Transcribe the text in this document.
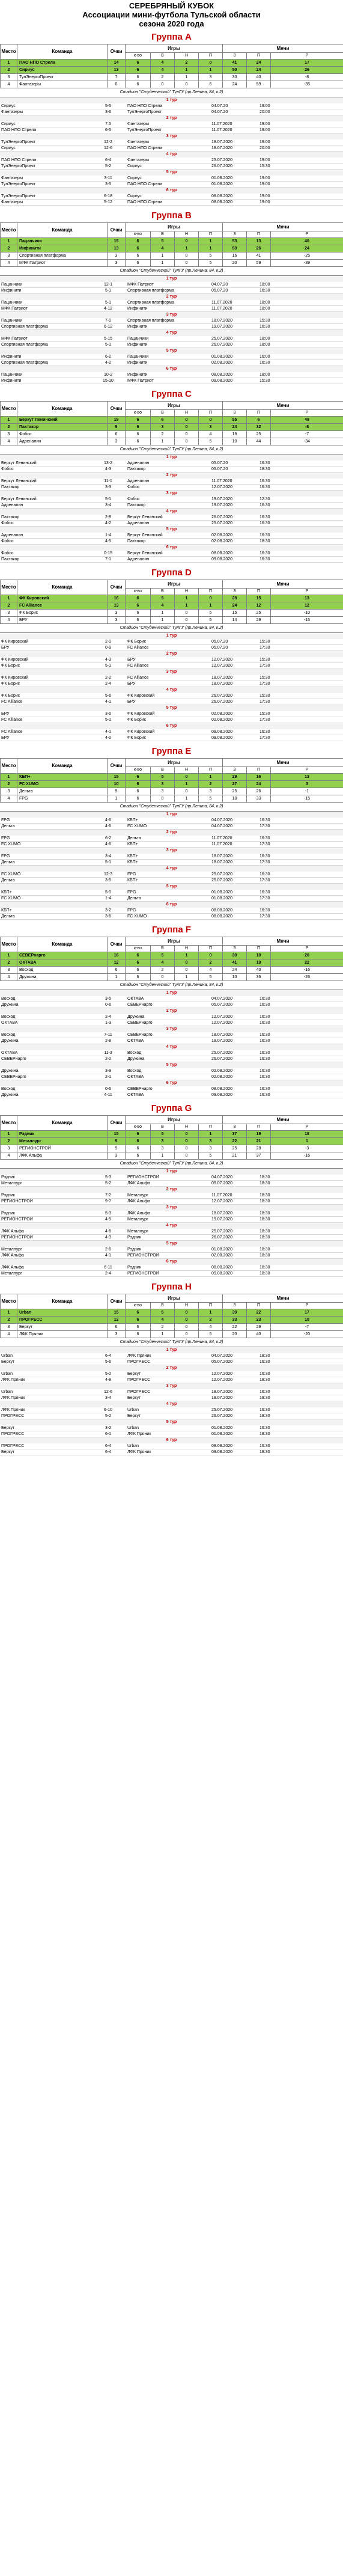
СЕРЕБРЯНЫЙ КУБОК
Ассоциации мини-футбола Тульской области
сезона 2020 года
Группа A
Место	Команда	Очки	Игры				Мячи		
			к-во	В	Н	П	З	П	Р
1	ПАО НПО Стрела	14	6	4	2	0	41	24	17
2	Сириус	13	6	4	1	1	50	24	26
3	ТулЭнергоПроект	7	6	2	1	3	30	40	-8
4	Фантазеры	0	6	0	0	6	24	59	-35
Стадион "Студенческий" ТулГУ (пр.Ленина, 84, к.2)
1 тур				
Сириус	5-5	ПАО НПО Стрела	04.07.20	19:00
Фантазеры	3-6	ТулЭнергоПроект	04.07.20	20:00
2 тур				
Сириус	7.5	Фантазеры	11.07.2020	19:00
ПАО НПО Стрела	6-5	ТулЭнергоПроект	11.07.2020	19:00
3 тур				
ТулЭнергоПроект	12-2	Фантазеры	18.07.2020	19:00
Сириус	12-6	ПАО НПО Стрела	18.07.2020	20:00
4 тур				
ПАО НПО Стрела	6-4	Фантазеры	25.07.2020	19:00
ТулЭнергоПроект	5-2	Сириус	26.07.2020	15:30
5 тур				
Фантазеры	3-11	Сириус	01.08.2020	19:00
ТулЭнергоПроект	3-5	ПАО НПО Стрела	01.08.2020	19:00
6 тур				
ТулЭнергоПроект	6-18	Сириус	08.08.2020	19:00
Фантазеры	5-12	ПАО НПО Стрела	08.08.2020	19:00
Группа B
Место	Команда	Очки	Игры				Мячи		
			к-во	В	Н	П	З	П	Р
1	Пацанчики	15	6	5	0	1	53	13	40
2	Инфинити	13	6	4	1	1	50	26	24
3	Спортивная платформа	3	6	1	0	5	16	41	-25
4	МФК Патриот	3	6	1	0	5	20	59	-39
Стадион "Студенческий" ТулГУ (пр.Ленина, 84, к.2)
1 тур				
Пацанчики	12-1	МФК Патриот	04.07.20	18:00
Инфинити	5-1	Спортивная платформа	05.07.20	16:30
2 тур				
Пацанчики	5-1	Спортивная платформа	11.07.2020	18:00
МФК Патриот	4-12	Инфинити	11.07.2020	18:00
3 тур				
Пацанчики	7-0	Спортивная платформа	18.07.2020	15:30
Спортивная платформа	6-12	Инфинити	19.07.2020	16:30
4 тур				
МФК Патриот	5-15	Пацанчики	25.07.2020	18:00
Спортивная платформа	5-1	Инфинити	26.07.2020	18:00
5 тур				
Инфинити	6-2	Пацанчики	01.08.2020	16:00
Спортивная платформа	4-2	Инфинити	02.08.2020	16:30
6 тур				
Пацанчики	10-2	Инфинити	08.08.2020	18:00
Инфинити	15-10	МФК Патриот	09.08.2020	15:30
Группа C
Место	Команда	Очки	Игры				Мячи		
			к-во	В	Н	П	З	П	Р
1	Беркут Ленинский	18	6	6	0	0	55	6	49
2	Пахтакор	9	6	3	0	3	24	32	-8
3	Фобос	6	6	2	0	4	18	25	-7
4	Адреналин	3	6	1	0	5	10	44	-34
Стадион "Студенческий" ТулГУ (пр.Ленина, 84, к.2)
1 тур				
Беркут Ленинский	13-2	Адреналин	05.07.20	16:30
Фобос	4-3	Пахтакор	05.07.20	18:30
2 тур				
Беркут Ленинский	11-1	Адреналин	11.07.2020	16:30
Пахтакор	3-3	Фобос	12.07.2020	16:30
3 тур				
Беркут Ленинский	5-1	Фобос	19.07.2020	12:30
Адреналин	3-4	Пахтакор	19.07.2020	16:30
4 тур				
Пахтакор	2-8	Беркут Ленинский	26.07.2020	16:30
Фобос	4-2	Адреналин	25.07.2020	16:30
5 тур				
Адреналин	1-4	Беркут Ленинский	02.08.2020	16:30
Фобос	4-5	Пахтакор	02.08.2020	18:30
6 тур				
Фобос	0-15	Беркут Ленинский	08.08.2020	16:30
Пахтакор	7-1	Адреналин	09.08.2020	16:30
Группа D
Место	Команда	Очки	Игры				Мячи		
			к-во	В	Н	П	З	П	Р
1	ФК Кировский	16	6	5	1	0	28	15	13
2	FC Alliance	13	6	4	1	1	24	12	12
3	ФК Борис	3	6	1	0	5	15	25	-10
4	БРУ	3	6	1	0	5	14	29	-15
Стадион "Студенческий" ТулГУ (пр.Ленина, 84, к.2)
1 тур				
ФК Кировский	2-0	ФК Борис	05.07.20	15:30
БРУ	0-9	FC Alliance	05.07.20	17:30
2 тур				
ФК Кировский	4-3	БРУ	12.07.2020	15:30
ФК Борис	5-1	FC Alliance	12.07.2020	17:30
3 тур				
ФК Кировский	2-2	FC Alliance	18.07.2020	15:30
ФК Борис	2-4	БРУ	18.07.2020	17:30
4 тур				
ФК Борис	5-6	ФК Кировский	26.07.2020	15:30
FC Alliance	4-1	БРУ	26.07.2020	17:30
5 тур				
БРУ	3-5	ФК Кировский	02.08.2020	15:30
FC Alliance	5-1	ФК Борис	02.08.2020	17:30
6 тур				
FC Alliance	4-1	ФК Кировский	09.08.2020	16:30
БРУ	4-0	ФК Борис	09.08.2020	17:30
Группа E
Место	Команда	Очки	Игры				Мячи		
			к-во	В	Н	П	З	П	Р
1	КБП+	15	6	5	0	1	29	16	13
2	FC XUMO	10	6	3	1	2	27	24	3
3	Дельта	9	6	3	0	3	25	26	-1
4	FPG	1	6	0	1	5	18	33	-15
Стадион "Студенческий" ТулГУ (пр.Ленина, 84, к.2)
1 тур				
FPG	4-6	КБП+	04.07.2020	16:30
Дельта	4-6	FC XUMO	04.07.2020	17:30
2 тур				
FPG	6-2	Дельта	11.07.2020	16:30
FC XUMO	4-6	КБП+	11.07.2020	17:30
3 тур				
FPG	3-4	КБП+	18.07.2020	16:30
Дельта	5-1	КБП+	18.07.2020	17:30
4 тур				
FC XUMO	12-3	FPG	25.07.2020	16:30
Дельта	3-5	КБП+	25.07.2020	17:30
5 тур				
КБП+	5-0	FPG	01.08.2020	16:30
FC XUMO	1-4	Дельта	01.08.2020	17:30
6 тур				
КБП+	3-2	FPG	08.08.2020	16:30
Дельта	3-6	FC XUMO	08.08.2020	17:30
Группа F
Место	Команда	Очки	Игры				Мячи		
			к-во	В	Н	П	З	П	Р
1	СЕВЕРнарго	16	6	5	1	0	30	10	20
2	ОКТАВА	12	6	4	0	2	41	19	22
3	Восход	6	6	2	0	4	24	40	-16
4	Дружина	1	6	0	1	5	10	36	-26
Стадион "Студенческий" ТулГУ (пр.Ленина, 84, к.2)
1 тур				
Восход	3-5	ОКТАВА	04.07.2020	16:30
Дружина	0-6	СЕВЕРнарго	05.07.2020	16:30
2 тур				
Восход	2-4	Дружина	12.07.2020	16:30
ОКТАВА	1-3	СЕВЕРнарго	12.07.2020	16:30
3 тур				
Восход	7-11	СЕВЕРнарго	18.07.2020	16:30
Дружина	2-8	ОКТАВА	19.07.2020	16:30
4 тур				
ОКТАВА	11-3	Восход	25.07.2020	16:30
СЕВЕРнарго	2-2	Дружина	26.07.2020	16:30
5 тур				
Дружина	3-9	Восход	02.08.2020	16:30
СЕВЕРнарго	2-1	ОКТАВА	02.08.2020	16:30
6 тур				
Восход	0-6	СЕВЕРнарго	08.08.2020	16:30
Дружина	4-11	ОКТАВА	09.08.2020	16:30
Группа G
Место	Команда	Очки	Игры				Мячи		
			к-во	В	Н	П	З	П	Р
1	Рэдник	15	6	5	0	1	37	19	18
2	Металлург	9	6	3	0	3	22	21	1
3	РЕГИОНСТРОЙ	9	6	3	0	3	25	28	-3
4	ЛФК Альфа	3	6	1	0	5	21	37	-16
Стадион "Студенческий" ТулГУ (пр.Ленина, 84, к.2)
1 тур				
Рэдник	5-3	РЕГИОНСТРОЙ	04.07.2020	18:30
Металлург	5-2	ЛФК Альфа	05.07.2020	18:30
2 тур				
Рэдник	7-2	Металлург	11.07.2020	18:30
РЕГИОНСТРОЙ	9-7	ЛФК Альфа	12.07.2020	18:30
3 тур				
Рэдник	5-3	ЛФК Альфа	18.07.2020	18:30
РЕГИОНСТРОЙ	4-5	Металлург	19.07.2020	18:30
4 тур				
ЛФК Альфа	4-6	Металлург	25.07.2020	18:30
РЕГИОНСТРОЙ	4-3	Рэдник	26.07.2020	18:30
5 тур				
Металлург	2-6	Рэдник	01.08.2020	18:30
ЛФК Альфа	4-1	РЕГИОНСТРОЙ	02.08.2020	18:30
6 тур				
ЛФК Альфа	6-11	Рэдник	08.08.2020	18:30
Металлург	2-4	РЕГИОНСТРОЙ	09.08.2020	18:30
Группа H
Место	Команда	Очки	Игры				Мячи		
			к-во	В	Н	П	З	П	Р
1	Urban	15	6	5	0	1	39	22	17
2	ПРОГРЕСС	12	6	4	0	2	33	23	10
3	Беркут	6	6	2	0	4	22	29	-7
4	ЛФК Пряник	3	6	1	0	5	20	40	-20
Стадион "Студенческий" ТулГУ (пр.Ленина, 84, к.2)
1 тур				
Urban	6-4	ЛФК Пряник	04.07.2020	18:30
Беркут	5-6	ПРОГРЕСС	05.07.2020	16:30
2 тур				
Urban	5-2	Беркут	12.07.2020	16:30
ЛФК Пряник	4-8	ПРОГРЕСС	12.07.2020	18:30
3 тур				
Urban	12-6	ПРОГРЕСС	18.07.2020	16:30
ЛФК Пряник	3-4	Беркут	19.07.2020	18:30
4 тур				
ЛФК Пряник	6-10	Urban	25.07.2020	16:30
ПРОГРЕСС	5-2	Беркут	26.07.2020	18:30
5 тур				
Беркут	3-2	Urban	01.08.2020	16:30
ПРОГРЕСС	6-1	ЛФК Пряник	01.08.2020	18:30
6 тур				
ПРОГРЕСС	6-4	Urban	08.08.2020	16:30
Беркут	6-4	ЛФК Пряник	09.08.2020	18:30
